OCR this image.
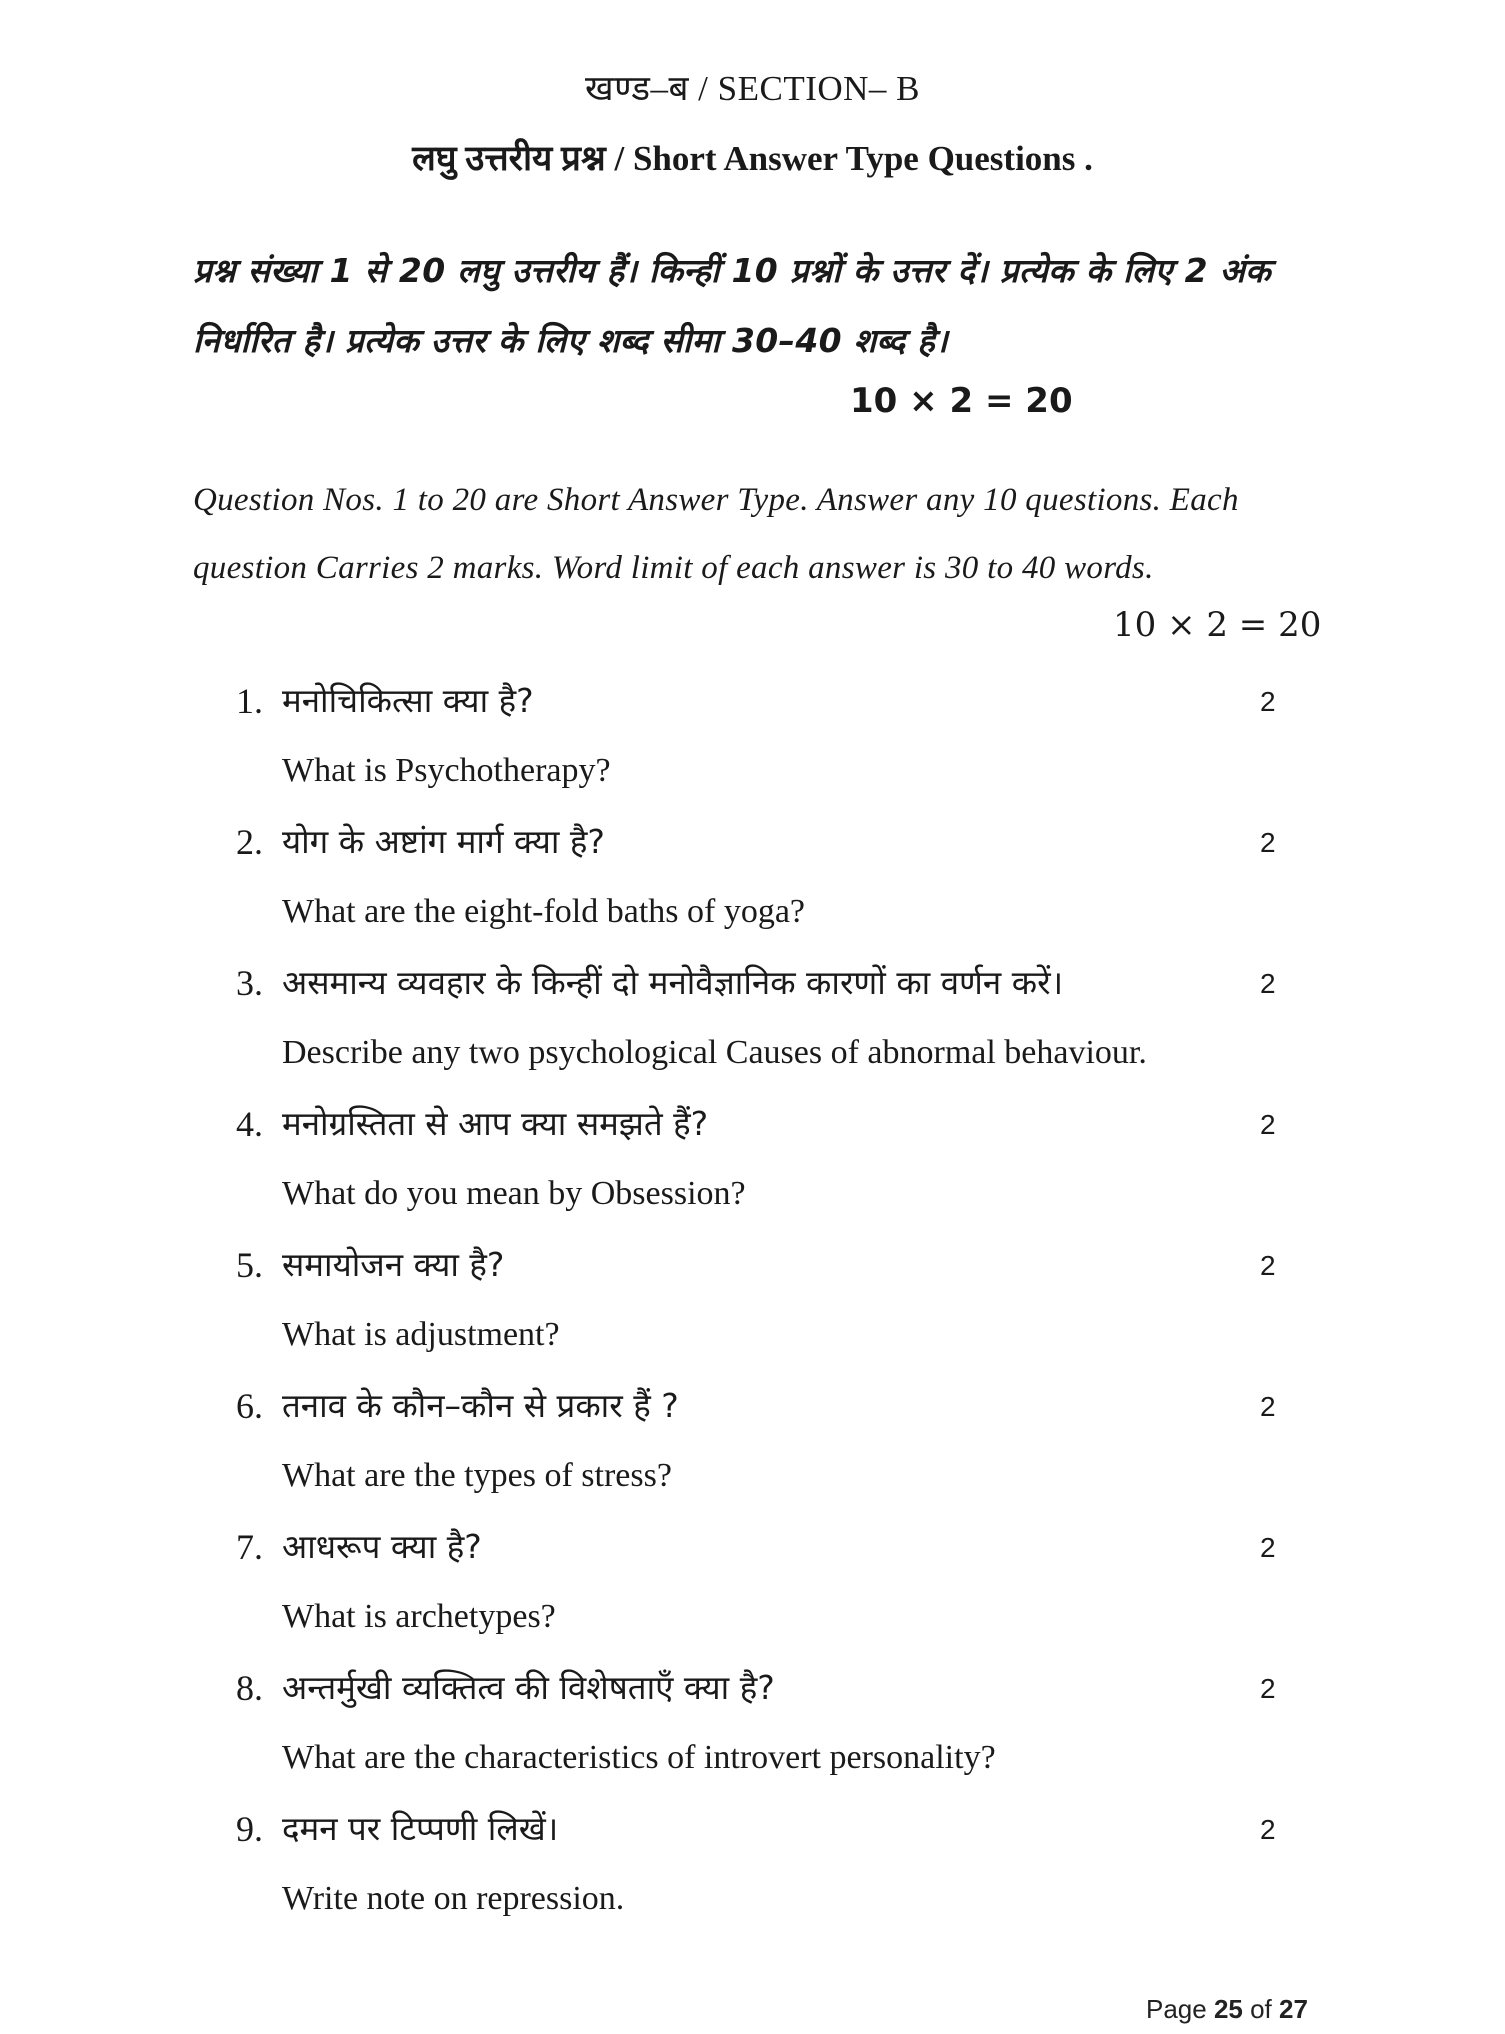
खण्ड–ब / SECTION– B
लघु उत्तरीय प्रश्न / Short Answer Type Questions .
प्रश्न संख्या 1 से 20 लघु उत्तरीय हैं। किन्हीं 10 प्रश्नों के उत्तर दें। प्रत्येक के लिए 2 अंक निर्धारित है। प्रत्येक उत्तर के लिए शब्द सीमा 30–40 शब्द है।
10 × 2 = 20
Question Nos. 1 to 20 are Short Answer Type. Answer any 10 questions. Each question Carries 2 marks. Word limit of each answer is 30 to 40 words.
10 × 2 = 20
1. मनोचिकित्सा क्या है?	2
What is Psychotherapy?
2. योग के अष्टांग मार्ग क्या है?	2
What are the eight-fold baths of yoga?
3. असमान्य व्यवहार के किन्हीं दो मनोवैज्ञानिक कारणों का वर्णन करें।	2
Describe any two psychological Causes of abnormal behaviour.
4. मनोग्रस्तिता से आप क्या समझते हैं?	2
What do you mean by Obsession?
5. समायोजन क्या है?	2
What is adjustment?
6. तनाव के कौन–कौन से प्रकार हैं ?	2
What are the types of stress?
7. आधरूप क्या है?	2
What is archetypes?
8. अन्तर्मुखी व्यक्तित्व की विशेषताएँ क्या है?	2
What are the characteristics of introvert personality?
9. दमन पर टिप्पणी लिखें।	2
Write note on repression.
Page 25 of 27
